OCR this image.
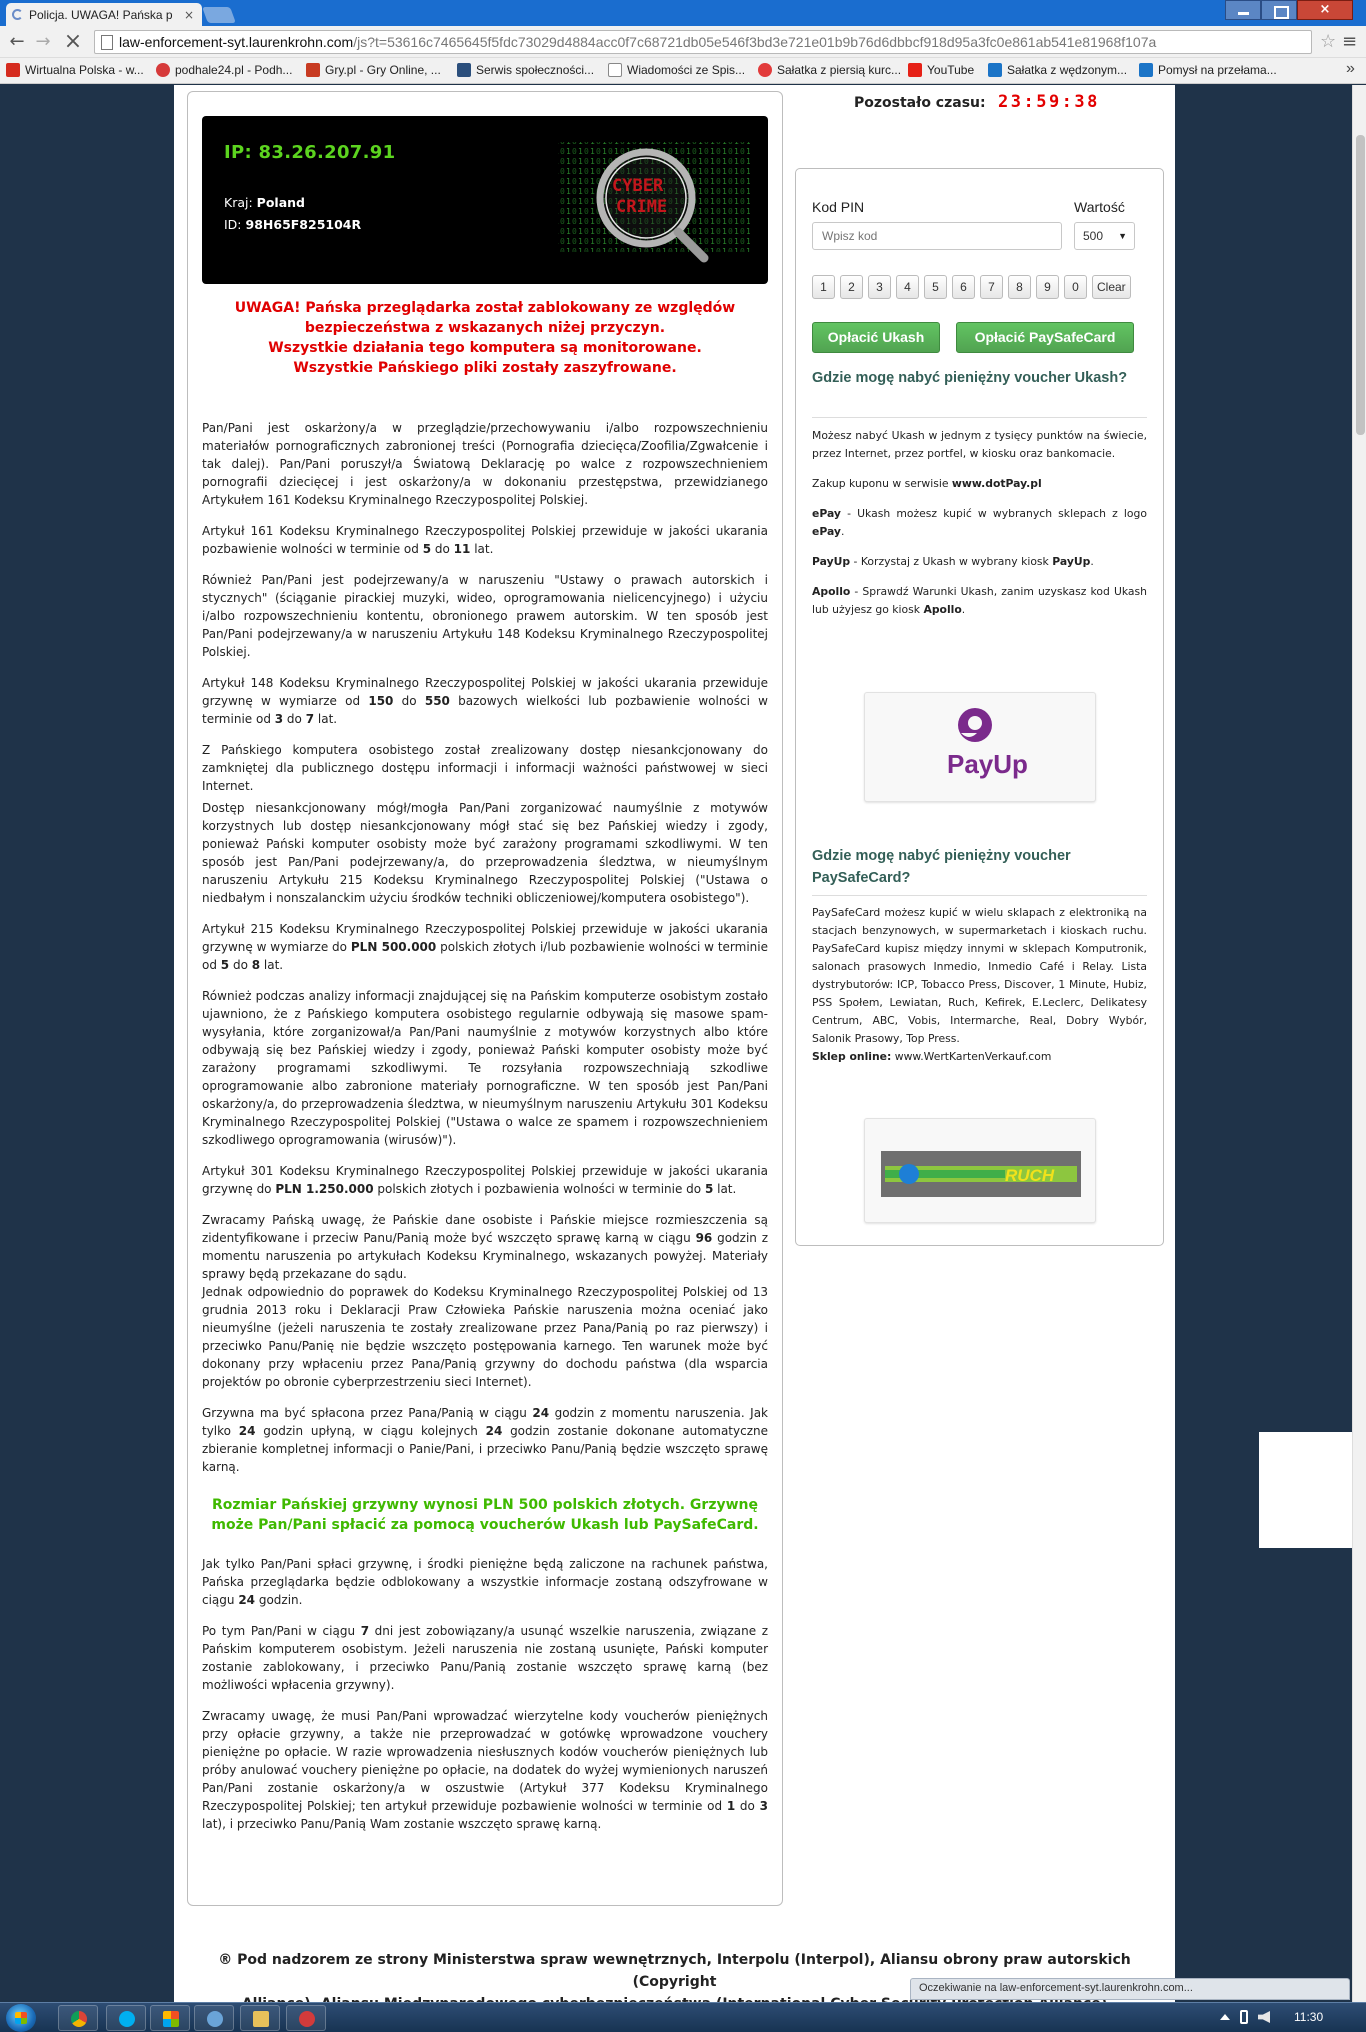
Policja. UWAGA! Pańska p ×	×
← → ×	law-enforcement-syt.laurenkrohn.com /js?t=53616c7465645f5fdc73029d4884acc0f7c68721db05e546f3bd3e721e01b9b76d6dbbcf918d95a3fc0e861ab541e81968f107a	☆ ≡
Wirtualna Polska - w...	podhale24.pl - Podh...	Gry.pl - Gry Online, ...	Serwis społeczności...	Wiadomości ze Spis...	Sałatka z piersią kurc... YouTube	Sałatka z wędzonym...	Pomysł na przełama...	»
IP: 83.26.207.91
Kraj: Poland
ID: 98H65F825104R
CYBER
CRIME
UWAGA! Pańska przeglądarka został zablokowany ze względów
bezpieczeństwa z wskazanych niżej przyczyn.
Wszystkie działania tego komputera są monitorowane.
Wszystkie Pańskiego pliki zostały zaszyfrowane.

Pan/Pani jest oskarżony/a w przeglądzie/przechowywaniu i/albo rozpowszechnieniu materiałów pornograficznych zabronionej treści (Pornografia dziecięca/Zoofilia/Zgwałcenie i tak dalej). Pan/Pani poruszył/a Światową Deklarację po walce z rozpowszechnieniem pornografii dziecięcej i jest oskarżony/a w dokonaniu przestępstwa, przewidzianego Artykułem 161 Kodeksu Kryminalnego Rzeczypospolitej Polskiej.

Artykuł 161 Kodeksu Kryminalnego Rzeczypospolitej Polskiej przewiduje w jakości ukarania pozbawienie wolności w terminie od 5 do 11 lat.

Również Pan/Pani jest podejrzewany/a w naruszeniu "Ustawy o prawach autorskich i stycznych" (ściąganie pirackiej muzyki, wideo, oprogramowania nielicencyjnego) i użyciu i/albo rozpowszechnieniu kontentu, obronionego prawem autorskim. W ten sposób jest Pan/Pani podejrzewany/a w naruszeniu Artykułu 148 Kodeksu Kryminalnego Rzeczypospolitej Polskiej.

Artykuł 148 Kodeksu Kryminalnego Rzeczypospolitej Polskiej w jakości ukarania przewiduje grzywnę w wymiarze od 150 do 550 bazowych wielkości lub pozbawienie wolności w terminie od 3 do 7 lat.

Z Pańskiego komputera osobistego został zrealizowany dostęp niesankcjonowany do zamkniętej dla publicznego dostępu informacji i informacji ważności państwowej w sieci Internet.

Dostęp niesankcjonowany mógł/mogła Pan/Pani zorganizować naumyślnie z motywów korzystnych lub dostęp niesankcjonowany mógł stać się bez Pańskiej wiedzy i zgody, ponieważ Pański komputer osobisty może być zarażony programami szkodliwymi. W ten sposób jest Pan/Pani podejrzewany/a, do przeprowadzenia śledztwa, w nieumyślnym naruszeniu Artykułu 215 Kodeksu Kryminalnego Rzeczypospolitej Polskiej ("Ustawa o niedbałym i nonszalanckim użyciu środków techniki obliczeniowej/komputera osobistego").

Artykuł 215 Kodeksu Kryminalnego Rzeczypospolitej Polskiej przewiduje w jakości ukarania grzywnę w wymiarze do PLN 500.000 polskich złotych i/lub pozbawienie wolności w terminie od 5 do 8 lat.

Również podczas analizy informacji znajdującej się na Pańskim komputerze osobistym zostało ujawniono, że z Pańskiego komputera osobistego regularnie odbywają się masowe spam-wysyłania, które zorganizował/a Pan/Pani naumyślnie z motywów korzystnych albo które odbywają się bez Pańskiej wiedzy i zgody, ponieważ Pański komputer osobisty może być zarażony programami szkodliwymi. Te rozsyłania rozpowszechniają szkodliwe oprogramowanie albo zabronione materiały pornograficzne. W ten sposób jest Pan/Pani oskarżony/a, do przeprowadzenia śledztwa, w nieumyślnym naruszeniu Artykułu 301 Kodeksu Kryminalnego Rzeczypospolitej Polskiej ("Ustawa o walce ze spamem i rozpowszechnieniem szkodliwego oprogramowania (wirusów)").

Artykuł 301 Kodeksu Kryminalnego Rzeczypospolitej Polskiej przewiduje w jakości ukarania grzywnę do PLN 1.250.000 polskich złotych i pozbawienia wolności w terminie do 5 lat.

Zwracamy Pańską uwagę, że Pańskie dane osobiste i Pańskie miejsce rozmieszczenia są zidentyfikowane i przeciw Panu/Panią może być wszczęto sprawę karną w ciągu 96 godzin z momentu naruszenia po artykułach Kodeksu Kryminalnego, wskazanych powyżej. Materiały sprawy będą przekazane do sądu.

Jednak odpowiednio do poprawek do Kodeksu Kryminalnego Rzeczypospolitej Polskiej od 13 grudnia 2013 roku i Deklaracji Praw Człowieka Pańskie naruszenia można oceniać jako nieumyślne (jeżeli naruszenia te zostały zrealizowane przez Pana/Panią po raz pierwszy) i przeciwko Panu/Panię nie będzie wszczęto postępowania karnego. Ten warunek może być dokonany przy wpłaceniu przez Pana/Panią grzywny do dochodu państwa (dla wsparcia projektów po obronie cyberprzestrzeniu sieci Internet).

Grzywna ma być spłacona przez Pana/Panią w ciągu 24 godzin z momentu naruszenia. Jak tylko 24 godzin upłyną, w ciągu kolejnych 24 godzin zostanie dokonane automatyczne zbieranie kompletnej informacji o Panie/Pani, i przeciwko Panu/Panią będzie wszczęto sprawę karną.

Rozmiar Pańskiej grzywny wynosi PLN 500 polskich złotych. Grzywnę
może Pan/Pani spłacić za pomocą voucherów Ukash lub PaySafeCard.

Jak tylko Pan/Pani spłaci grzywnę, i środki pieniężne będą zaliczone na rachunek państwa, Pańska przeglądarka będzie odblokowany a wszystkie informacje zostaną odszyfrowane w ciągu 24 godzin.

Po tym Pan/Pani w ciągu 7 dni jest zobowiązany/a usunąć wszelkie naruszenia, związane z Pańskim komputerem osobistym. Jeżeli naruszenia nie zostaną usunięte, Pański komputer zostanie zablokowany, i przeciwko Panu/Panią zostanie wszczęto sprawę karną (bez możliwości wpłacenia grzywny).

Zwracamy uwagę, że musi Pan/Pani wprowadzać wierzytelne kody voucherów pieniężnych przy opłacie grzywny, a także nie przeprowadzać w gotówkę wprowadzone vouchery pieniężne po opłacie. W razie wprowadzenia niesłusznych kodów voucherów pieniężnych lub próby anulować vouchery pieniężne po opłacie, na dodatek do wyżej wymienionych naruszeń Pan/Pani zostanie oskarżony/a w oszustwie (Artykuł 377 Kodeksu Kryminalnego Rzeczypospolitej Polskiej; ten artykuł przewiduje pozbawienie wolności w terminie od 1 do 3 lat), i przeciwko Panu/Panią Wam zostanie wszczęto sprawę karną.

Pozostało czasu: 23:59:38
Kod PIN	Wartość
Wpisz kod
500 ▼
1	2	3	4	5	6	7	8	9	0	Clear
Opłacić Ukash	Opłacić PaySafeCard
Gdzie mogę nabyć pieniężny voucher Ukash?

Możesz nabyć Ukash w jednym z tysięcy punktów na świecie, przez Internet, przez portfel, w kiosku oraz bankomacie.

Zakup kuponu w serwisie www.dotPay.pl

ePay - Ukash możesz kupić w wybranych sklepach z logo ePay.

PayUp - Korzystaj z Ukash w wybrany kiosk PayUp.

Apollo - Sprawdź Warunki Ukash, zanim uzyskasz kod Ukash lub użyjesz go kiosk Apollo.

PayUp
Gdzie mogę nabyć pieniężny voucher PaySafeCard?

PaySafeCard możesz kupić w wielu sklapach z elektroniką na stacjach benzynowych, w supermarketach i kioskach ruchu. PaySafeCard kupisz między innymi w sklepach Komputronik, salonach prasowych Inmedio, Inmedio Café i Relay. Lista dystrybutorów: ICP, Tobacco Press, Discover, 1 Minute, Hubiz, PSS Społem, Lewiatan, Ruch, Kefirek, E.Leclerc, Delikatesy Centrum, ABC, Vobis, Intermarche, Real, Dobry Wybór, Salonik Prasowy, Top Press.

Sklep online: www.WertKartenVerkauf.com

RUCH
® Pod nadzorem ze strony Ministerstwa spraw wewnętrznych, Interpolu (Interpol), Aliansu obrony praw autorskich (Copyright	Oczekiwanie na law-enforcement-syt.laurenkrohn.com...
11:30
